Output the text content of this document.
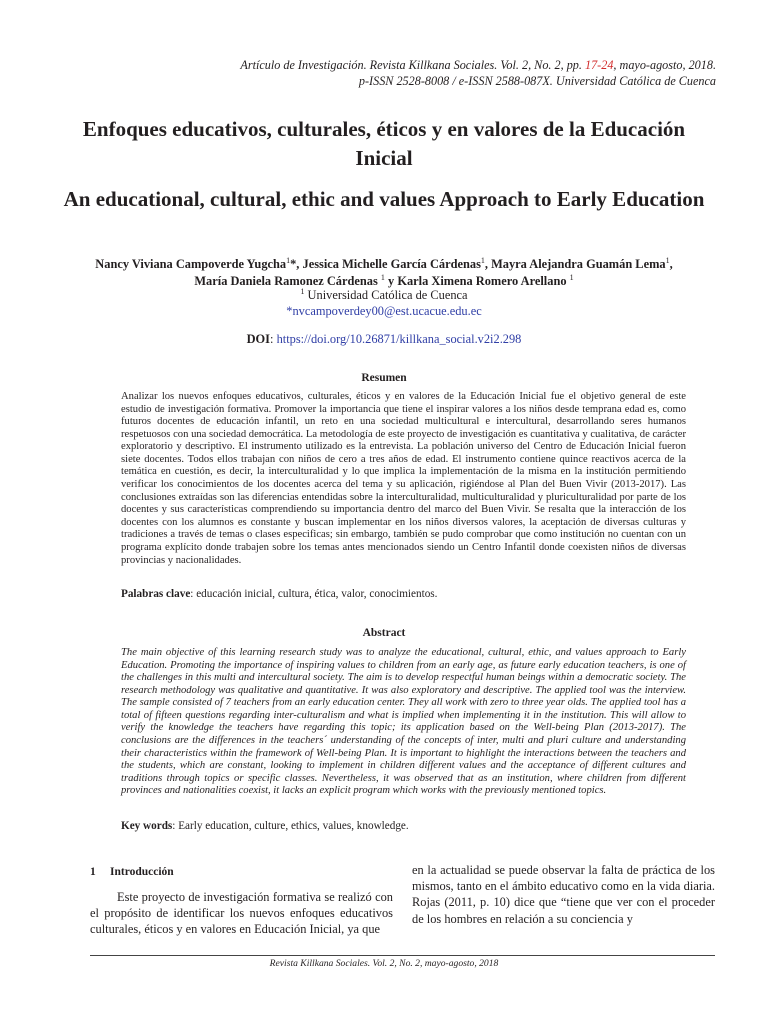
Artículo de Investigación. Revista Killkana Sociales. Vol. 2, No. 2, pp. 17-24, mayo-agosto, 2018.
p-ISSN 2528-8008 / e-ISSN 2588-087X. Universidad Católica de Cuenca
Enfoques educativos, culturales, éticos y en valores de la Educación Inicial
An educational, cultural, ethic and values Approach to Early Education
Nancy Viviana Campoverde Yugcha$^1$*, Jessica Michelle García Cárdenas$^1$, Mayra Alejandra Guamán Lema$^1$,
María Daniela Ramonez Cárdenas $^1$ y Karla Ximena Romero Arellano $^1$
$^1$ Universidad Católica de Cuenca
*nvcampoverdey00@est.ucacue.edu.ec
DOI: https://doi.org/10.26871/killkana_social.v2i2.298
Resumen
Analizar los nuevos enfoques educativos, culturales, éticos y en valores de la Educación Inicial fue el objetivo general de este estudio de investigación formativa. Promover la importancia que tiene el inspirar valores a los niños desde temprana edad es, como futuros docentes de educación infantil, un reto en una sociedad multicultural e intercultural, desarrollando seres humanos respetuosos con una sociedad democrática. La metodología de este proyecto de investigación es cuantitativa y cualitativa, de carácter exploratorio y descriptivo. El instrumento utilizado es la entrevista. La población universo del Centro de Educación Inicial fueron siete docentes. Todos ellos trabajan con niños de cero a tres años de edad. El instrumento contiene quince reactivos acerca de la temática en cuestión, es decir, la interculturalidad y lo que implica la implementación de la misma en la institución permitiendo verificar los conocimientos de los docentes acerca del tema y su aplicación, rigiéndose al Plan del Buen Vivir (2013-2017). Las conclusiones extraídas son las diferencias entendidas sobre la interculturalidad, multiculturalidad y pluriculturalidad por parte de los docentes y sus características comprendiendo su importancia dentro del marco del Buen Vivir. Se resalta que la interacción de los docentes con los alumnos es constante y buscan implementar en los niños diversos valores, la aceptación de diversas culturas y tradiciones a través de temas o clases especificas; sin embargo, también se pudo comprobar que como institución no cuentan con un programa explícito donde trabajen sobre los temas antes mencionados siendo un Centro Infantil donde coexisten niños de diversas provincias y nacionalidades.
Palabras clave: educación inicial, cultura, ética, valor, conocimientos.
Abstract
The main objective of this learning research study was to analyze the educational, cultural, ethic, and values approach to Early Education. Promoting the importance of inspiring values to children from an early age, as future early education teachers, is one of the challenges in this multi and intercultural society. The aim is to develop respectful human beings within a democratic society. The research methodology was qualitative and quantitative. It was also exploratory and descriptive. The applied tool was the interview. The sample consisted of 7 teachers from an early education center. They all work with zero to three year olds. The applied tool has a total of fifteen questions regarding inter-culturalism and what is implied when implementing it in the institution. This will allow to verify the knowledge the teachers have regarding this topic; its application based on the Well-being Plan (2013-2017). The conclusions are the differences in the teachers´ understanding of the concepts of inter, multi and pluri culture and understanding their characteristics within the framework of Well-being Plan. It is important to highlight the interactions between the teachers and the students, which are constant, looking to implement in children different values and the acceptance of different cultures and traditions through topics or specific classes. Nevertheless, it was observed that as an institution, where children from different provinces and nationalities coexist, it lacks an explicit program which works with the previously mentioned topics.
Key words: Early education, culture, ethics, values, knowledge.
1 Introducción
Este proyecto de investigación formativa se realizó con el propósito de identificar los nuevos enfoques educativos culturales, éticos y en valores en Educación Inicial, ya que
en la actualidad se puede observar la falta de práctica de los mismos, tanto en el ámbito educativo como en la vida diaria. Rojas (2011, p. 10) dice que “tiene que ver con el proceder de los hombres en relación a su conciencia y
Revista Killkana Sociales. Vol. 2, No. 2, mayo-agosto, 2018
